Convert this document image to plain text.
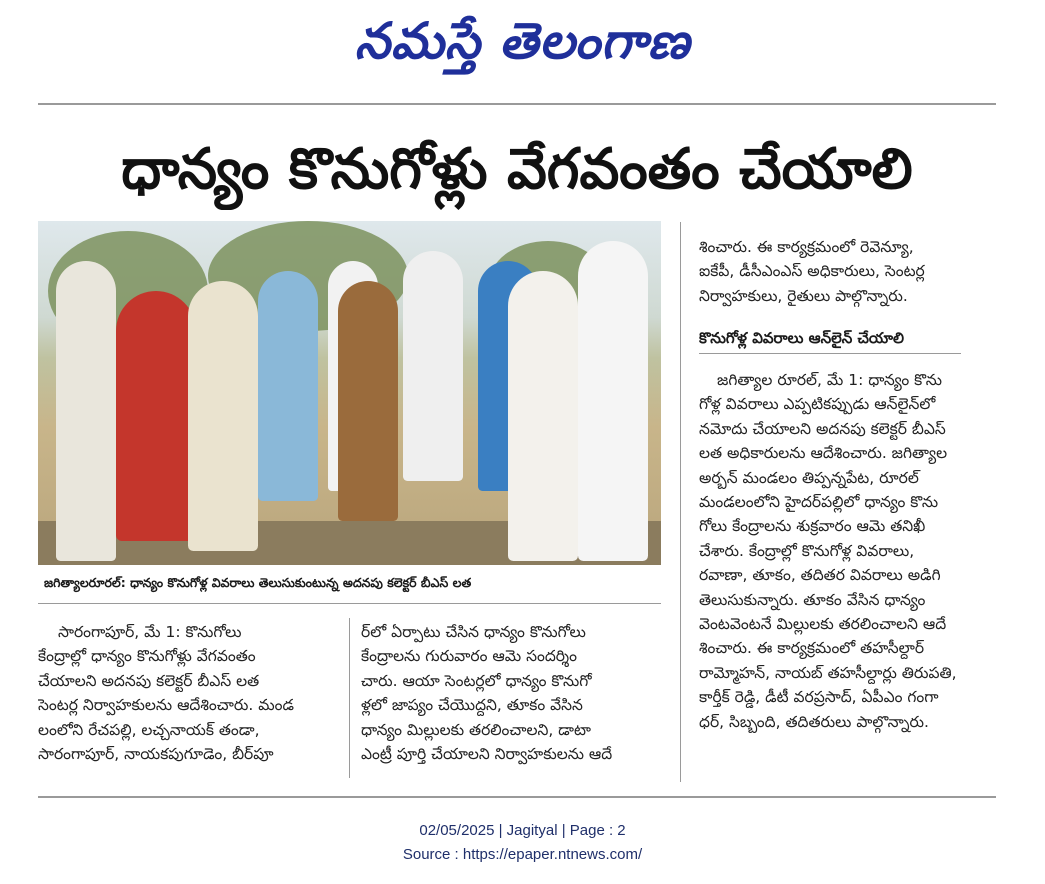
నమస్తే తెలంగాణ
ధాన్యం కొనుగోళ్లు వేగవంతం చేయాలి
జగిత్యాలరూరల్‌: ధాన్యం కొనుగోళ్ల వివరాలు తెలుసుకుంటున్న అదనపు కలెక్టర్‌ బీఎస్‌ లత

సారంగాపూర్‌, మే 1: కొనుగోలు

కేంద్రాల్లో ధాన్యం కొనుగోళ్లు వేగవంతం

చేయాలని అదనపు కలెక్టర్‌ బీఎస్‌ లత

సెంటర్ల నిర్వాహకులను ఆదేశించారు. మండ

లంలోని రేచపల్లి, లచ్చనాయక్‌ తండా,

సారంగాపూర్‌, నాయకపుగూడెం, బీర్‌పూ

ర్‌లో ఏర్పాటు చేసిన ధాన్యం కొనుగోలు

కేంద్రాలను గురువారం ఆమె సందర్శిం

చారు. ఆయా సెంటర్లలో ధాన్యం కొనుగో

ళ్లలో జాప్యం చేయొద్దని, తూకం వేసిన

ధాన్యం మిల్లులకు తరలించాలని, డాటా

ఎంట్రీ పూర్తి చేయాలని నిర్వాహకులను ఆదే

శించారు. ఈ కార్యక్రమంలో రెవెన్యూ,

ఐకేపీ, డీసీఎంఎస్‌ అధికారులు, సెంటర్ల

నిర్వాహకులు, రైతులు పాల్గొన్నారు.

కొనుగోళ్ల వివరాలు ఆన్‌లైన్‌ చేయాలి

జగిత్యాల రూరల్‌, మే 1: ధాన్యం కొను

గోళ్ల వివరాలు ఎప్పటికప్పుడు ఆన్‌లైన్‌లో

నమోదు చేయాలని అదనపు కలెక్టర్‌ బీఎస్‌

లత అధికారులను ఆదేశించారు. జగిత్యాల

అర్బన్‌ మండలం తిప్పన్నపేట, రూరల్‌

మండలంలోని హైదర్‌పల్లిలో ధాన్యం కొను

గోలు కేంద్రాలను శుక్రవారం ఆమె తనిఖీ

చేశారు. కేంద్రాల్లో కొనుగోళ్ల వివరాలు,

రవాణా, తూకం, తదితర వివరాలు అడిగి

తెలుసుకున్నారు. తూకం వేసిన ధాన్యం

వెంటవెంటనే మిల్లులకు తరలించాలని ఆదే

శించారు. ఈ కార్యక్రమంలో తహసీల్దార్‌

రామ్మోహన్‌, నాయబ్‌ తహసీల్దార్లు తిరుపతి,

కార్తీక్‌ రెడ్డి, డీటీ వరప్రసాద్‌, ఏపీఎం గంగా

ధర్‌, సిబ్బంది, తదితరులు పాల్గొన్నారు.

02/05/2025 | Jagityal | Page : 2
Source : https://epaper.ntnews.com/
